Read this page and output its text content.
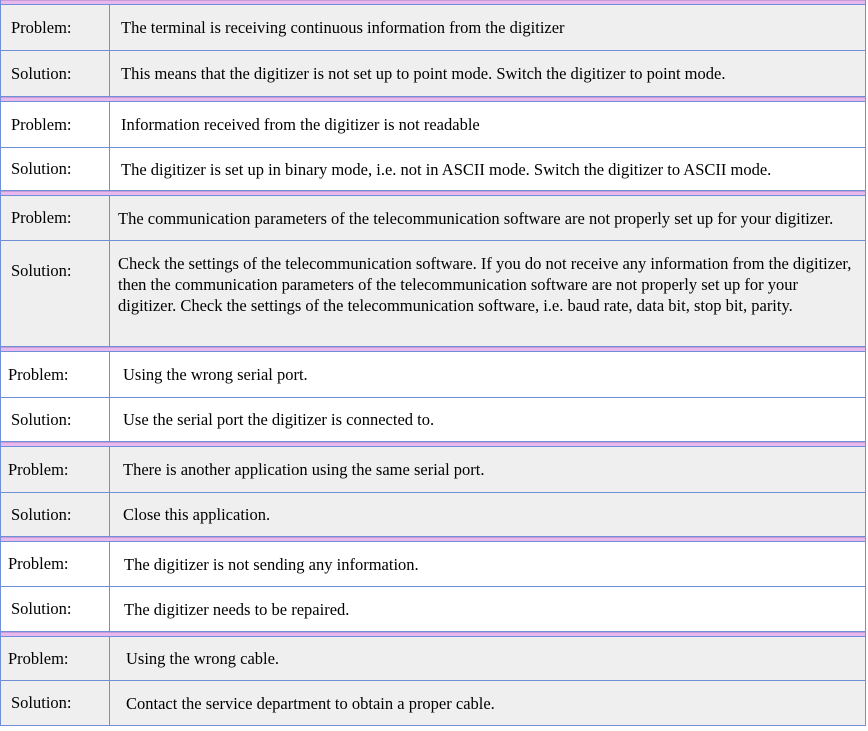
Problem:	The terminal is receiving continuous information from the digitizer
Solution:	This means that the digitizer is not set up to point mode. Switch the digitizer to point mode.
Problem:	Information received from the digitizer is not readable
Solution:	The digitizer is set up in binary mode, i.e. not in ASCII mode. Switch the digitizer to ASCII mode.
Problem:	The communication parameters of the telecommunication software are not properly set up for your digitizer.
Solution:	Check the settings of the telecommunication software. If you do not receive any information from the digitizer, then the communication parameters of the telecommunication software are not properly set up for your digitizer. Check the settings of the telecommunication software, i.e. baud rate, data bit, stop bit, parity.
Problem:	Using the wrong serial port.
Solution:	Use the serial port the digitizer is connected to.
Problem:	There is another application using the same serial port.
Solution:	Close this application.
Problem:	The digitizer is not sending any information.
Solution:	The digitizer needs to be repaired.
Problem:	Using the wrong cable.
Solution:	Contact the service department to obtain a proper cable.
